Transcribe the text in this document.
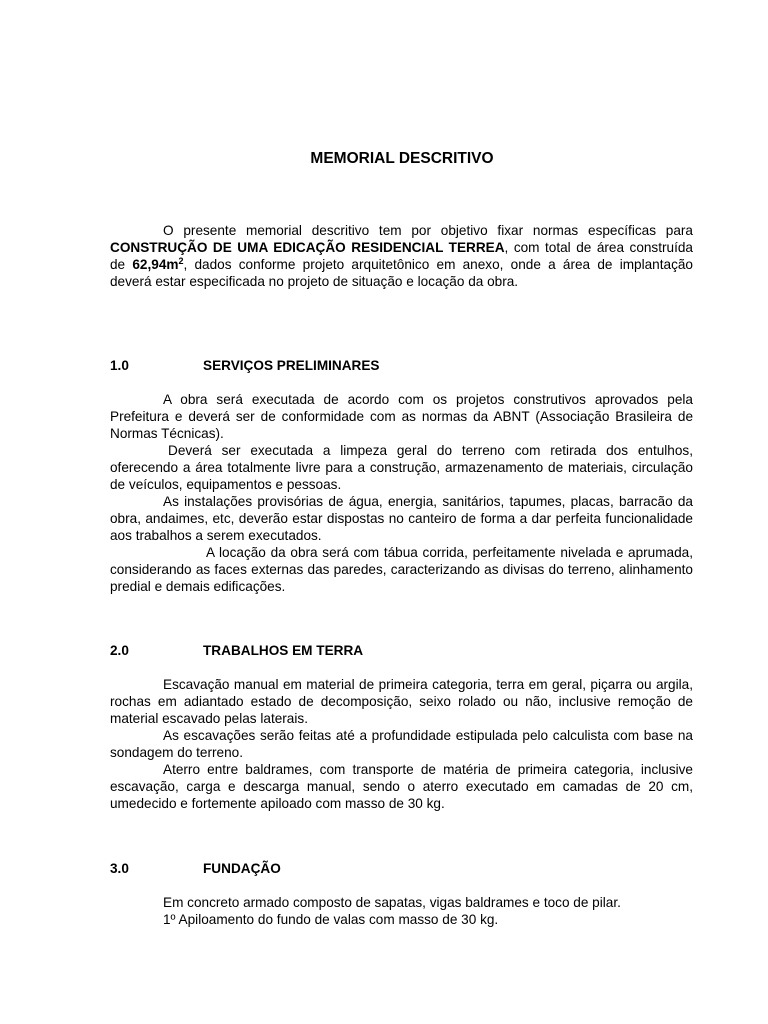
MEMORIAL DESCRITIVO

O presente memorial descritivo tem por objetivo fixar normas específicas para CONSTRUÇÃO DE UMA EDICAÇÃO RESIDENCIAL TERREA, com total de área construída de $62,94m^2$, dados conforme projeto arquitetônico em anexo, onde a área de implantação deverá estar especificada no projeto de situação e locação da obra.

1.0	SERVIÇOS PRELIMINARES

A obra será executada de acordo com os projetos construtivos aprovados pela Prefeitura e deverá ser de conformidade com as normas da ABNT (Associação Brasileira de Normas Técnicas).

Deverá ser executada a limpeza geral do terreno com retirada dos entulhos, oferecendo a área totalmente livre para a construção, armazenamento de materiais, circulação de veículos, equipamentos e pessoas.

As instalações provisórias de água, energia, sanitários, tapumes, placas, barracão da obra, andaimes, etc, deverão estar dispostas no canteiro de forma a dar perfeita funcionalidade aos trabalhos a serem executados.

A locação da obra será com tábua corrida, perfeitamente nivelada e aprumada, considerando as faces externas das paredes, caracterizando as divisas do terreno, alinhamento predial e demais edificações.

2.0	TRABALHOS EM TERRA

Escavação manual em material de primeira categoria, terra em geral, piçarra ou argila, rochas em adiantado estado de decomposição, seixo rolado ou não, inclusive remoção de material escavado pelas laterais.

As escavações serão feitas até a profundidade estipulada pelo calculista com base na sondagem do terreno.

Aterro entre baldrames, com transporte de matéria de primeira categoria, inclusive escavação, carga e descarga manual, sendo o aterro executado em camadas de 20 cm, umedecido e fortemente apiloado com masso de 30 kg.

3.0	FUNDAÇÃO

Em concreto armado composto de sapatas, vigas baldrames e toco de pilar.

1º Apiloamento do fundo de valas com masso de 30 kg.
